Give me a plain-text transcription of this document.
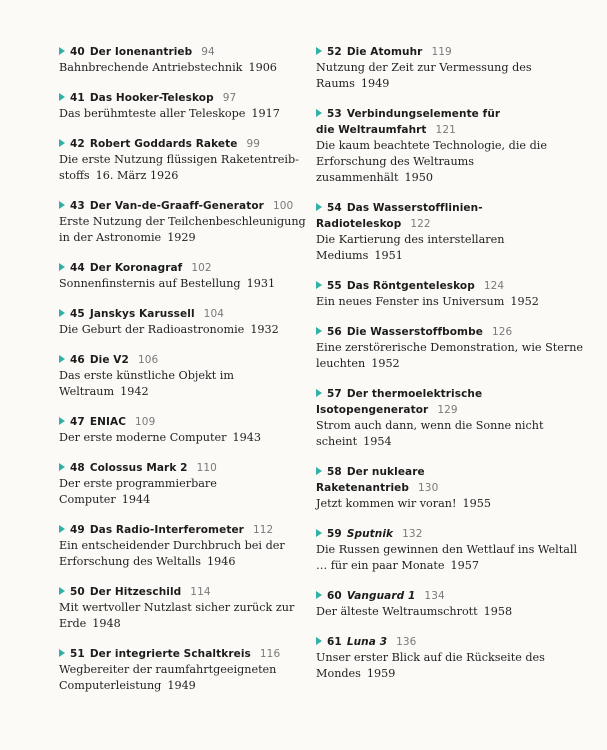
40 Der Ionenantrieb 94
Bahnbrechende Antriebstechnik 1906
41 Das Hooker-Teleskop 97
Das berühmteste aller Teleskope 1917
42 Robert Goddards Rakete 99
Die erste Nutzung flüssigen Raketentreib-stoffs 16. März 1926
43 Der Van-de-Graaff-Generator 100
Erste Nutzung der Teilchenbeschleunigung in der Astronomie 1929
44 Der Koronagraf 102
Sonnenfinsternis auf Bestellung 1931
45 Janskys Karussell 104
Die Geburt der Radioastronomie 1932
46 Die V2 106
Das erste künstliche Objekt im Weltraum 1942
47 ENIAC 109
Der erste moderne Computer 1943
48 Colossus Mark 2 110
Der erste programmierbare Computer 1944
49 Das Radio-Interferometer 112
Ein entscheidender Durchbruch bei der Erforschung des Weltalls 1946
50 Der Hitzeschild 114
Mit wertvoller Nutzlast sicher zurück zur Erde 1948
51 Der integrierte Schaltkreis 116
Wegbereiter der raumfahrtgeeigneten Computerleistung 1949
52 Die Atomuhr 119
Nutzung der Zeit zur Vermessung des Raums 1949
53 Verbindungselemente für die Weltraumfahrt 121
Die kaum beachtete Technologie, die die Erforschung des Weltraums zusammenhält 1950
54 Das Wasserstofflinien-Radioteleskop 122
Die Kartierung des interstellaren Mediums 1951
55 Das Röntgenteleskop 124
Ein neues Fenster ins Universum 1952
56 Die Wasserstoffbombe 126
Eine zerstörerische Demonstration, wie Sterne leuchten 1952
57 Der thermoelektrische Isotopengenerator 129
Strom auch dann, wenn die Sonne nicht scheint 1954
58 Der nukleare Raketenantrieb 130
Jetzt kommen wir voran! 1955
59 Sputnik 132
Die Russen gewinnen den Wettlauf ins Weltall … für ein paar Monate 1957
60 Vanguard 1 134
Der älteste Weltraumschrott 1958
61 Luna 3 136
Unser erster Blick auf die Rückseite des Mondes 1959
